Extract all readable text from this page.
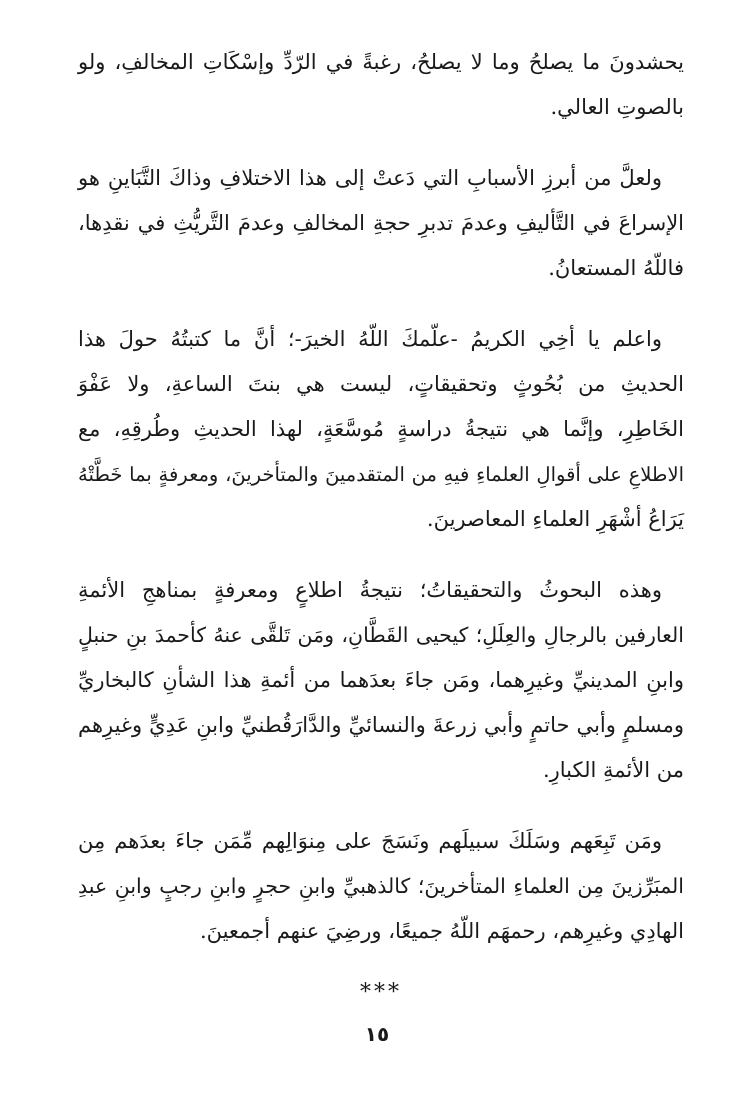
يحشدونَ ما يصلحُ وما لا يصلحُ، رغبةً في الرّدِّ وإسْكَاتِ المخالفِ، ولو
بالصوتِ العالي.
ولعلَّ من أبرزِ الأسبابِ التي دَعتْ إلى هذا الاختلافِ وذاكَ التَّبَاينِ هو
الإسراعَ في التَّأليفِ وعدمَ تدبرِ حجةِ المخالفِ وعدمَ التَّريُّثِ في نقدِها،
فاللّهُ المستعانُ.
واعلم يا أخِي الكريمُ -علّمكَ اللّهُ الخيرَ-؛ أنَّ ما كتبتُهُ حولَ هذا
الحديثِ من بُحُوثٍ وتحقيقاتٍ، ليست هي بنتَ الساعةِ، ولا عَفْوَ
الخَاطِرِ، وإنَّما هي نتيجةُ دراسةٍ مُوسَّعَةٍ، لهذا الحديثِ وطُرقِهِ، مع
الاطلاعِ على أقوالِ العلماءِ فيهِ من المتقدمينَ والمتأخرينَ، ومعرفةٍ بما خَطَّتْهُ
يَرَاعُ أشْهَرِ العلماءِ المعاصرينَ.
وهذه البحوثُ والتحقيقاتُ؛ نتيجةُ اطلاعٍ ومعرفةٍ بمناهجِ الأئمةِ
العارفين بالرجالِ والعِلَلِ؛ كيحيى القَطَّانِ، ومَن تَلقَّى عنهُ كأحمدَ بنِ حنبلٍ
وابنِ المدينيِّ وغيرِهما، ومَن جاءَ بعدَهما من أئمةِ هذا الشأنِ كالبخاريِّ
ومسلمٍ وأبي حاتمٍ وأبي زرعةَ والنسائيِّ والدَّارَقُطنيِّ وابنِ عَدِيٍّ وغيرِهم
من الأئمةِ الكبارِ.
ومَن تَبِعَهم وسَلَكَ سبيلَهم ونَسَجَ على مِنوَالِهم مِّمَن جاءَ بعدَهم مِن
المبَرِّزينَ مِن العلماءِ المتأخرينَ؛ كالذهبيِّ وابنِ حجرٍ وابنِ رجبٍ وابنِ عبدِ
الهادِي وغيرِهم، رحمهَم اللّهُ جميعًا، ورضِيَ عنهم أجمعينَ.
***
١٥
